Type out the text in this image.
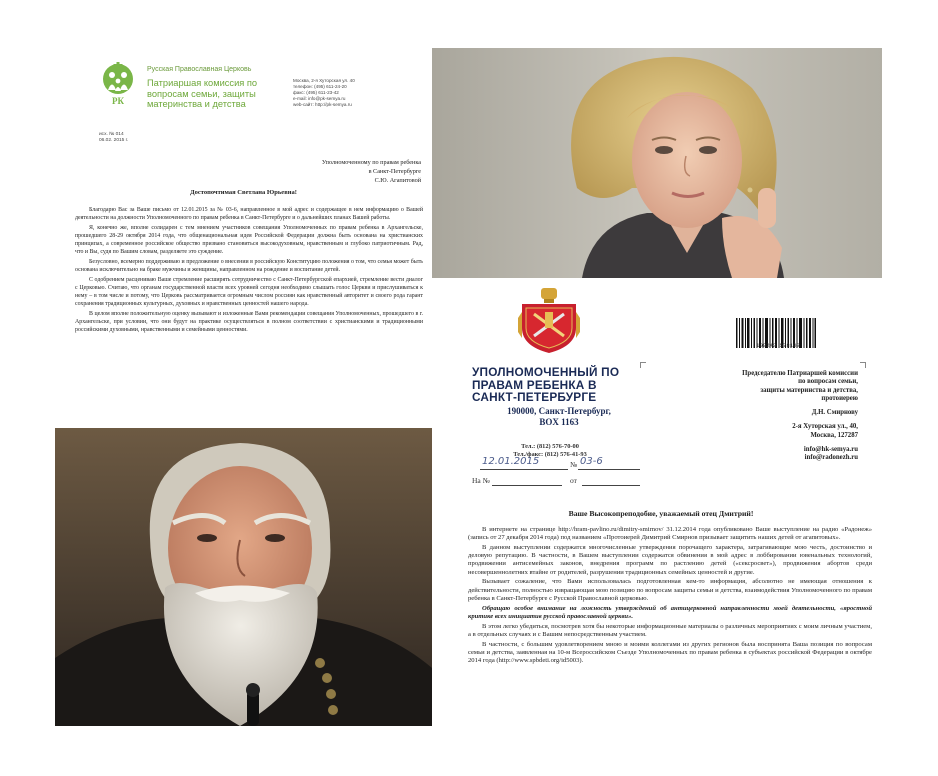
РК
Русская Православная Церковь
Патриаршая комиссия по вопросам семьи, защиты материнства и детства
Москва, 2-я Хуторская ул. 40
телефон: (495) 611-24-20
факс: (495) 611-23-42
e-mail: info@pk-semya.ru
web-сайт: http://pk-semya.ru
исх. № 014
06.02. 2015 г.
Уполномоченному по правам ребенка
в Санкт-Петербурге
С.Ю. Агапитовой
Достопочтимая Светлана Юрьевна!

Благодарю Вас за Ваше письмо от 12.01.2015 за № 03-6, направленное в мой адрес и содержащее в нем информацию о Вашей деятельности на должности Уполномоченного по правам ребенка в Санкт-Петербурге и о дальнейших планах Вашей работы.

Я, конечно же, вполне солидарен с тем мнением участников совещания Уполномоченных по правам ребенка в Архангельске, прошедшего 28-29 октября 2014 года, что общенациональная идея Российской Федерации должна быть основана на христианских принципах, а современное российское общество призвано становиться высокодуховным, нравственным и глубоко патриотичным. Рад, что и Вы, судя по Вашим словам, разделяете это суждение.

Безусловно, всемерно поддерживаю и предложение о внесении в российскую Конституцию положения о том, что семья может быть основана исключительно на браке мужчины и женщины, направленном на рождение и воспитание детей.

С одобрением расцениваю Ваше стремление расширять сотрудничество с Санкт-Петербургской епархией, стремление вести диалог с Церковью. Считаю, что органам государственной власти всех уровней сегодня необходимо слышать голос Церкви и прислушиваться к нему – в том числе и потому, что Церковь рассматривается огромным числом россиян как нравственный авторитет и своего рода гарант сохранения традиционных культурных, духовных и нравственных ценностей нашего народа.

В целом вполне положительную оценку вызывают и изложенные Вами рекомендации совещания Уполномоченных, прошедшего в г. Архангельске, при условии, что они будут на практике осуществляться в полном соответствии с христианскими и традиционными российскими духовными, нравственными и семейными ценностями.

100243 578103
УПОЛНОМОЧЕННЫЙ ПО ПРАВАМ РЕБЕНКА В САНКТ-ПЕТЕРБУРГЕ
190000, Санкт-Петербург,
BOX 1163
Тел.: (812) 576-70-00
Тел./факс: (812) 576-41-93
12.01.2015	№ 03-6
На №	от
Председателю Патриаршей комиссии
по вопросам семьи,
защиты материнства и детства,
протоиерею
Д.Н. Смирнову
2-я Хуторская ул., 40,
Москва, 127287
info@hk-semya.ru
info@radonezh.ru
Ваше Высокопреподобие, уважаемый отец Дмитрий!

В интернете на странице http://hram-pavlino.ru/dimitry-smirnov/ 31.12.2014 года опубликовано Ваше выступление на радио «Радонеж» (запись от 27 декабря 2014 года) под названием «Протоиерей Димитрий Смирнов призывает защитить наших детей от агапитовых».

В данном выступлении содержатся многочисленные утверждения порочащего характера, затрагивающие мою честь, достоинство и деловую репутацию. В частности, в Вашем выступлении содержатся обвинения в мой адрес в лоббировании ювенальных технологий, продвижении антисемейных законов, внедрения программ по растлению детей («сексросвет»), продвижения абортов среди несовершеннолетних втайне от родителей, разрушении традиционных семейных ценностей и другие.

Вызывает сожаление, что Вами использовалась подготовленная кем-то информация, абсолютно не имеющая отношения к действительности, полностью извращающая мою позицию по вопросам защиты семьи и детства, взаимодействия Уполномоченного по правам ребенка в Санкт-Петербурге с Русской Православной церковью.

Обращаю особое внимание на ложность утверждений об антицерковной направленности моей деятельности, «яростной критике всех инициатив русской православной церкви».

В этом легко убедиться, посмотрев хотя бы некоторые информационные материалы о различных мероприятиях с моим личным участием, а в отдельных случаях и с Вашим непосредственным участием.

В частности, с большим удовлетворением мною и моими коллегами из других регионов была воспринята Ваша позиция по вопросам семьи и детства, заявленная на 10-м Всероссийском Съезде Уполномоченных по правам ребенка в субъектах российской Федерации в октябре 2014 года (http://www.spbdeti.org/id5003).
